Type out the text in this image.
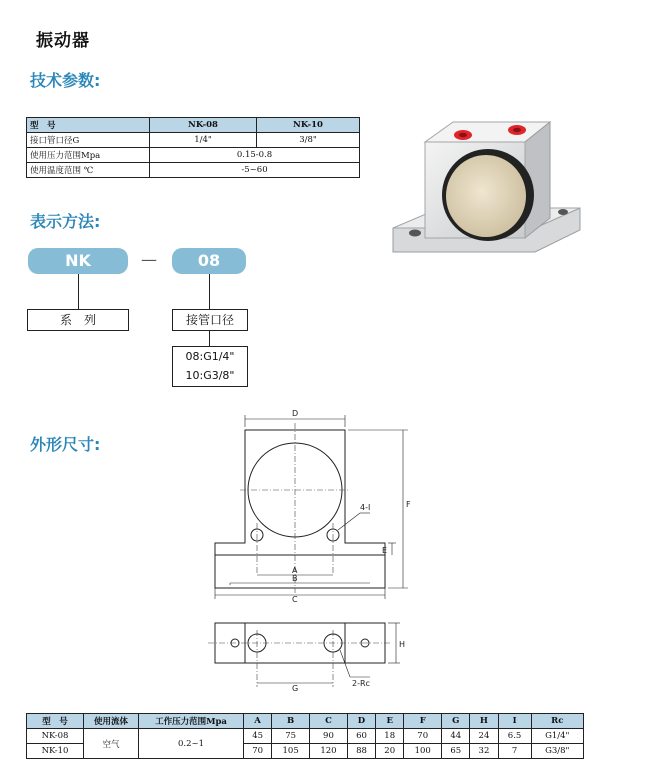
振动器
技术参数:
型　号	NK-08	NK-10
接口管口径G	1/4"	3/8"
使用压力范围Mpa	0.15-0.8	
使用温度范围 ℃	-5~60	
表示方法:
NK	—	08
系　列	接管口径
08:G1/4"
10:G3/8"
外形尺寸:
D
A
B
C
F
E
H
G
4-I
2-Rc
型　号	使用流体	工作压力范围Mpa	A	B	C	D	E	F	G	H	I	Rc
NK-08	空气	0.2~1	45	75	90	60	18	70	44	24	6.5	G1/4"
NK-10			70	105	120	88	20	100	65	32	7	G3/8"
